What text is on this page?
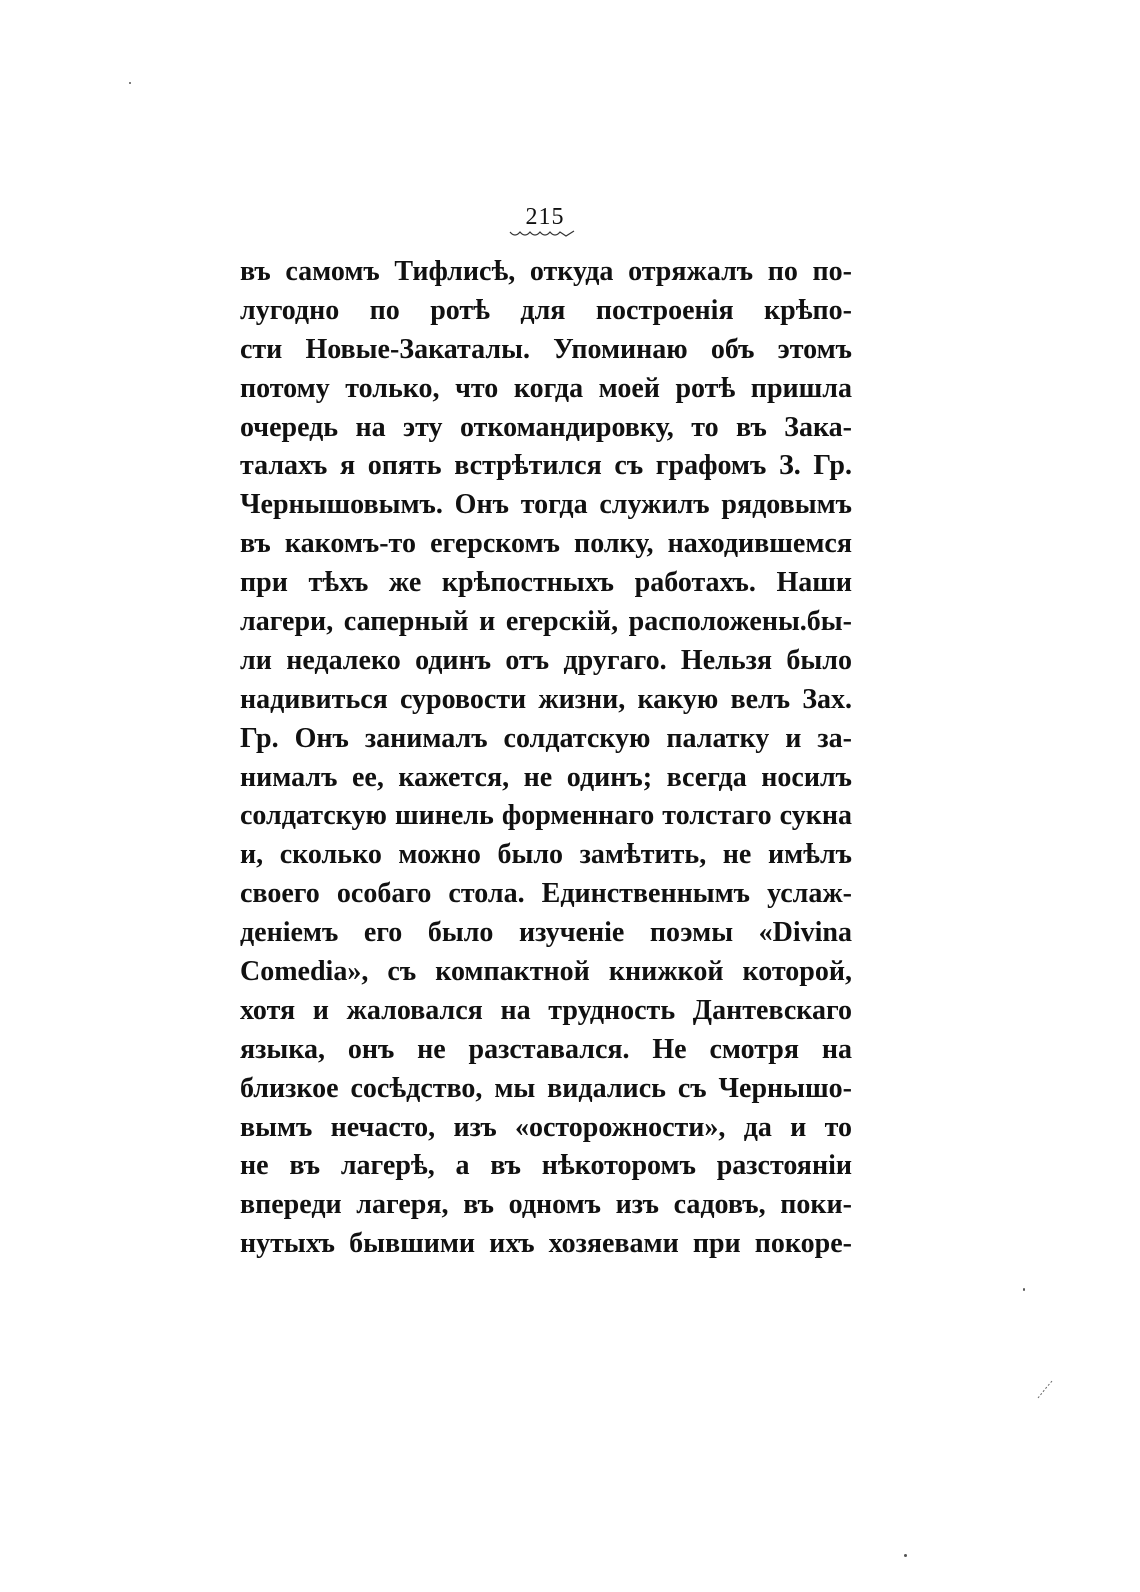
215
въ самомъ Тифлисѣ, откуда отряжалъ по по-
лугодно по ротѣ для построенія крѣпо-
сти Новые-Закаталы. Упоминаю объ этомъ
потому только, что когда моей ротѣ пришла
очередь на эту откомандировку, то въ Зака-
талахъ я опять встрѣтился съ графомъ З. Гр.
Чернышовымъ. Онъ тогда служилъ рядовымъ
въ какомъ-то егерскомъ полку, находившемся
при тѣхъ же крѣпостныхъ работахъ. Наши
лагери, саперный и егерскій, расположены.бы-
ли недалеко одинъ отъ другаго. Нельзя было
надивиться суровости жизни, какую велъ Зах.
Гр. Онъ занималъ солдатскую палатку и за-
нималъ ее, кажется, не одинъ; всегда носилъ
солдатскую шинель форменнаго толстаго сукна
и, сколько можно было замѣтить, не имѣлъ
своего особаго стола. Единственнымъ услаж-
деніемъ его было изученіе поэмы «Divina
Comedia», съ компактной книжкой которой,
хотя и жаловался на трудность Дантевскаго
языка, онъ не разставался. Не смотря на
близкое сосѣдство, мы видались съ Чернышо-
вымъ нечасто, изъ «осторожности», да и то
не въ лагерѣ, а въ нѣкоторомъ разстояніи
впереди лагеря, въ одномъ изъ садовъ, поки-
нутыхъ бывшими ихъ хозяевами при покоре-
